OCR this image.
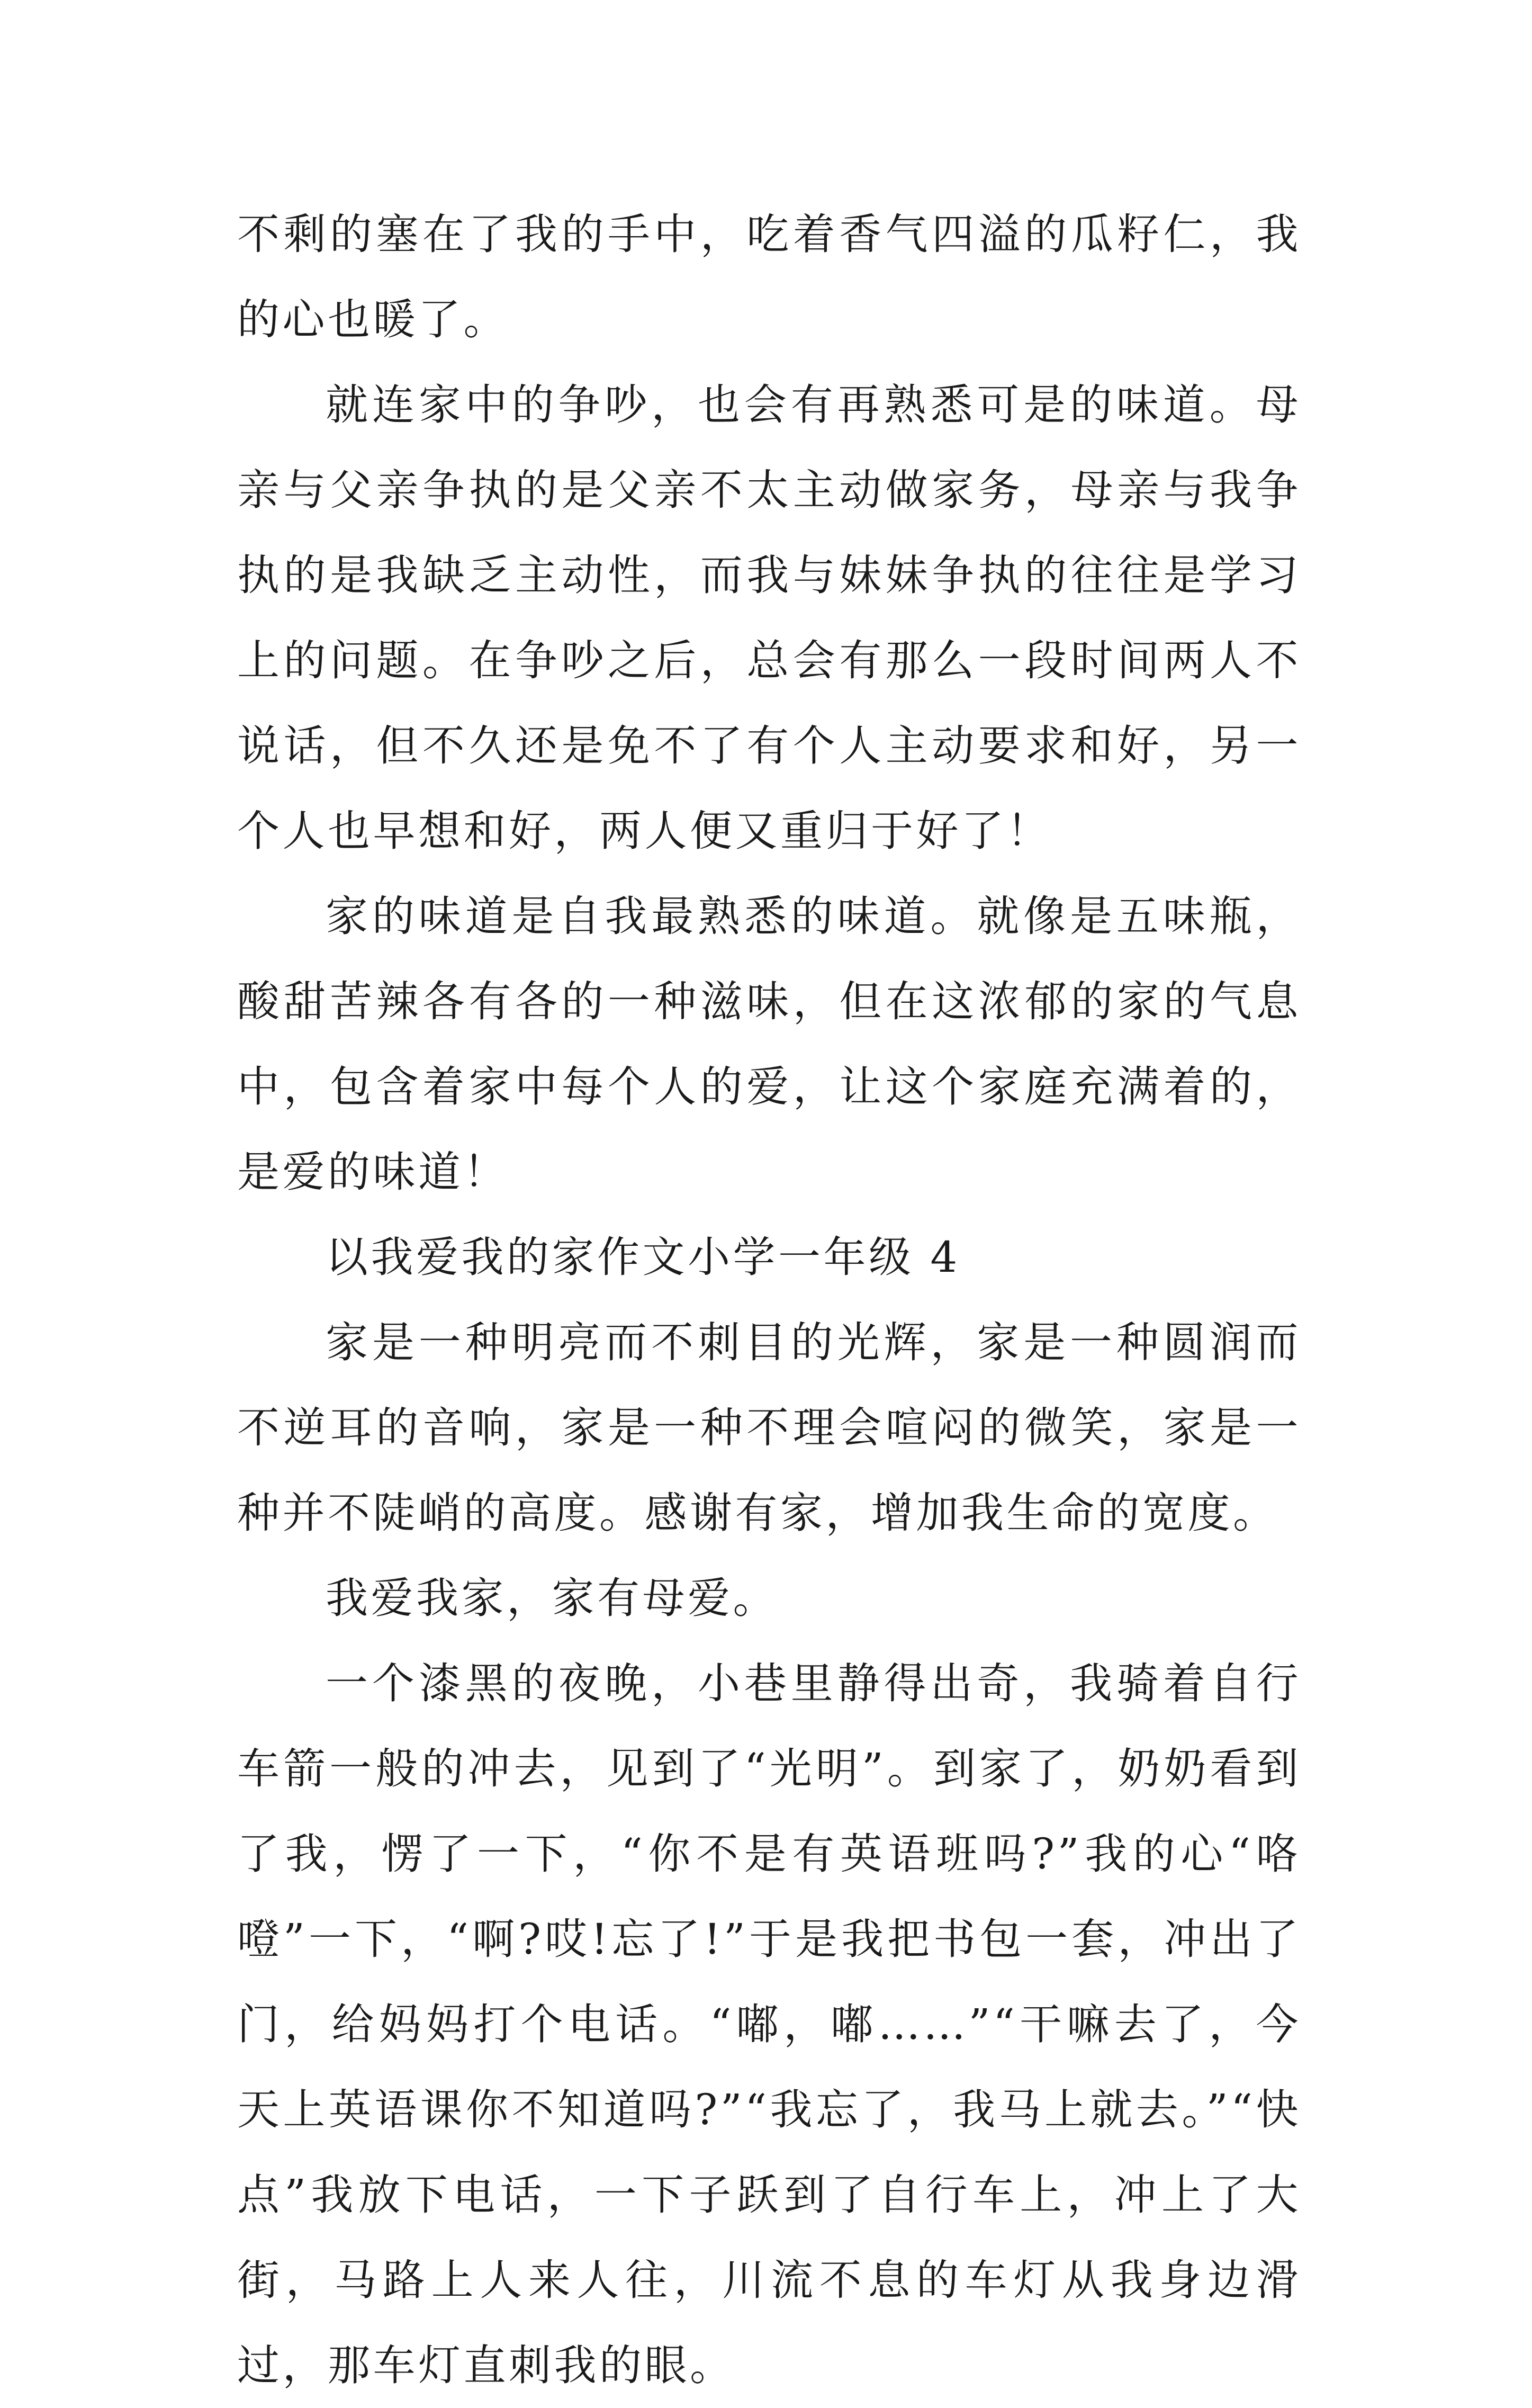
不剩的塞在了我的手中，吃着香气四溢的瓜籽仁，我的心也暖了。

就连家中的争吵，也会有再熟悉可是的味道。母亲与父亲争执的是父亲不太主动做家务，母亲与我争执的是我缺乏主动性，而我与妹妹争执的往往是学习上的问题。在争吵之后，总会有那么一段时间两人不说话，但不久还是免不了有个人主动要求和好，另一个人也早想和好，两人便又重归于好了！

家的味道是自我最熟悉的味道。就像是五味瓶，酸甜苦辣各有各的一种滋味，但在这浓郁的家的气息中，包含着家中每个人的爱，让这个家庭充满着的，是爱的味道！

以我爱我的家作文小学一年级 4

家是一种明亮而不刺目的光辉，家是一种圆润而不逆耳的音响，家是一种不理会喧闷的微笑，家是一种并不陡峭的高度。感谢有家，增加我生命的宽度。

我爱我家，家有母爱。

一个漆黑的夜晚，小巷里静得出奇，我骑着自行车箭一般的冲去，见到了“光明”。到家了，奶奶看到了我，愣了一下，“你不是有英语班吗?”我的心“咯噔”一下，“啊?哎!忘了!”于是我把书包一套，冲出了门，给妈妈打个电话。“嘟，嘟……”“干嘛去了，今天上英语课你不知道吗?”“我忘了，我马上就去。”“快点”我放下电话，一下子跃到了自行车上，冲上了大街，马路上人来人往，川流不息的车灯从我身边滑过，那车灯直刺我的眼。
